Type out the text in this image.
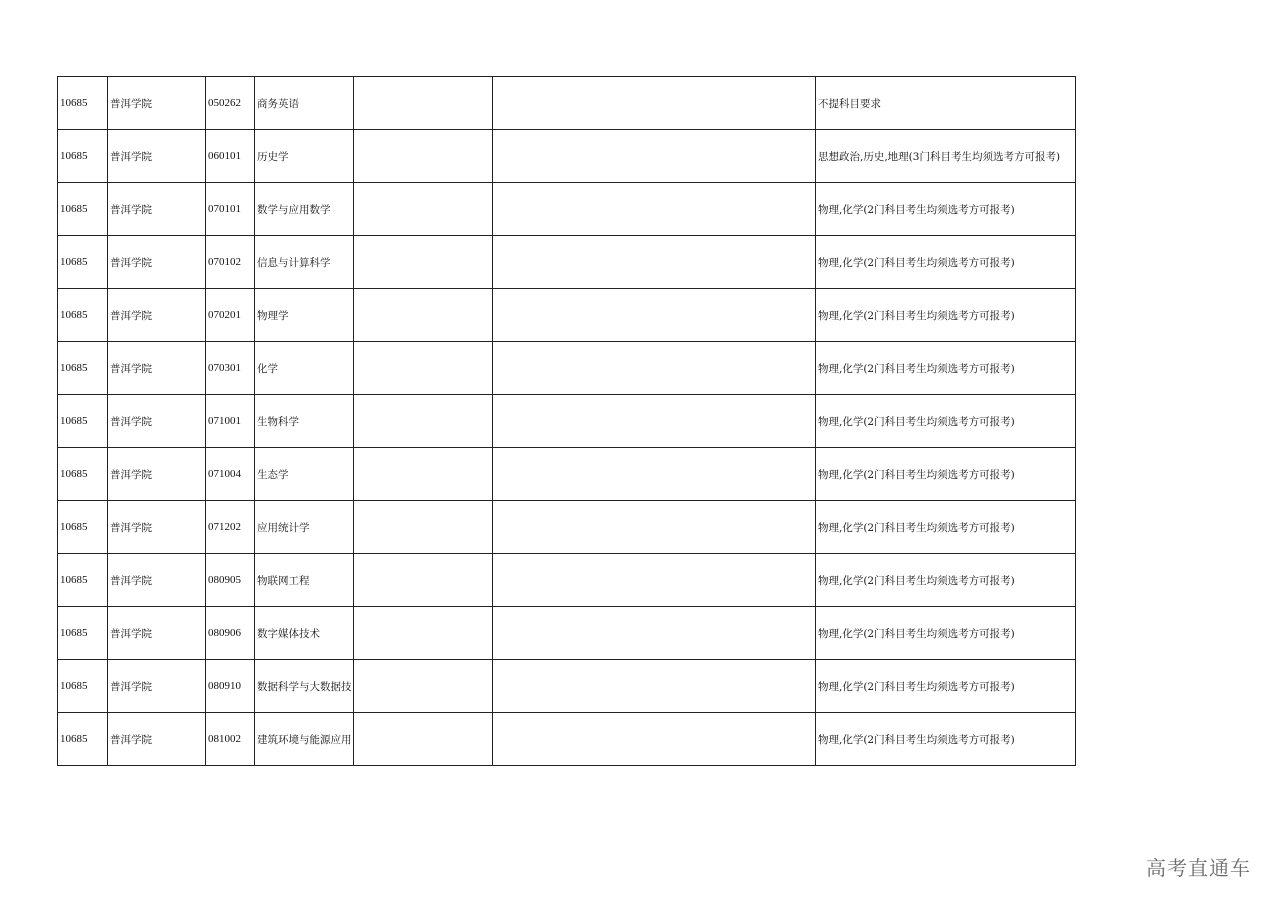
10685	普洱学院	050262	商务英语			不提科目要求
10685	普洱学院	060101	历史学			思想政治,历史,地理(3门科目考生均须选考方可报考)
10685	普洱学院	070101	数学与应用数学			物理,化学(2门科目考生均须选考方可报考)
10685	普洱学院	070102	信息与计算科学			物理,化学(2门科目考生均须选考方可报考)
10685	普洱学院	070201	物理学			物理,化学(2门科目考生均须选考方可报考)
10685	普洱学院	070301	化学			物理,化学(2门科目考生均须选考方可报考)
10685	普洱学院	071001	生物科学			物理,化学(2门科目考生均须选考方可报考)
10685	普洱学院	071004	生态学			物理,化学(2门科目考生均须选考方可报考)
10685	普洱学院	071202	应用统计学			物理,化学(2门科目考生均须选考方可报考)
10685	普洱学院	080905	物联网工程			物理,化学(2门科目考生均须选考方可报考)
10685	普洱学院	080906	数字媒体技术			物理,化学(2门科目考生均须选考方可报考)
10685	普洱学院	080910	数据科学与大数据技			物理,化学(2门科目考生均须选考方可报考)
10685	普洱学院	081002	建筑环境与能源应用			物理,化学(2门科目考生均须选考方可报考)
高考直通车
